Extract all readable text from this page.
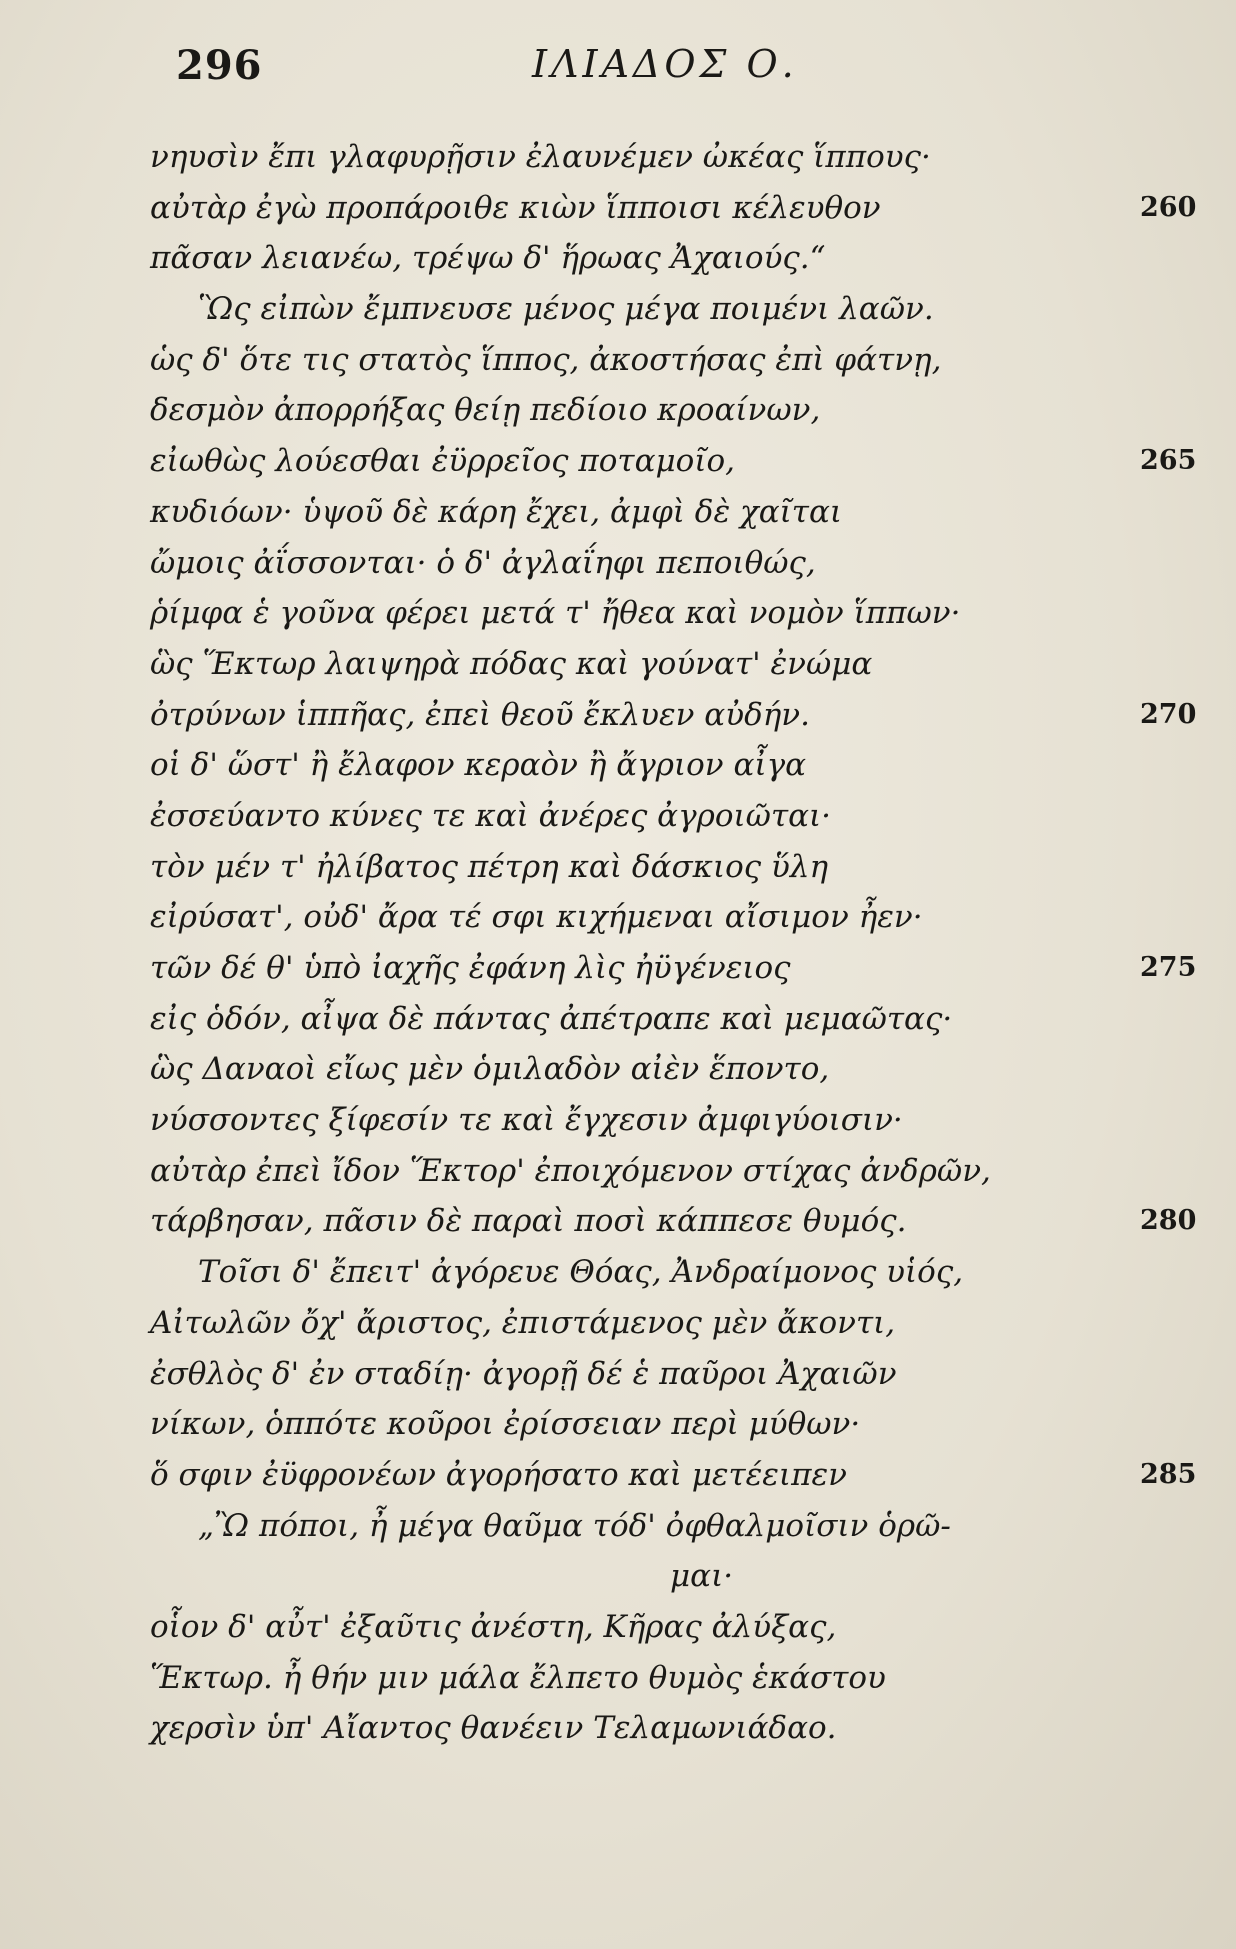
296	ΙΛΙΑΔΟΣ Ο.
νηυσὶν ἔπι γλαφυρῇσιν ἐλαυνέμεν ὠκέας ἵππους·
αὐτὰρ ἐγὼ προπάροιθε κιὼν ἵπποισι κέλευθον	260
πᾶσαν λειανέω, τρέψω δ' ἥρωας Ἀχαιούς.“
Ὣς εἰπὼν ἔμπνευσε μένος μέγα ποιμένι λαῶν.
ὡς δ' ὅτε τις στατὸς ἵππος, ἀκοστήσας ἐπὶ φάτνῃ,
δεσμὸν ἀπορρήξας θείῃ πεδίοιο κροαίνων,
εἰωθὼς λούεσθαι ἐϋρρεῖος ποταμοῖο,	265
κυδιόων· ὑψοῦ δὲ κάρη ἔχει, ἀμφὶ δὲ χαῖται
ὤμοις ἀΐσσονται· ὁ δ' ἀγλαΐηφι πεποιθώς,
ῥίμφα ἑ γοῦνα φέρει μετά τ' ἤθεα καὶ νομὸν ἵππων·
ὣς Ἕκτωρ λαιψηρὰ πόδας καὶ γούνατ' ἐνώμα
ὀτρύνων ἱππῆας, ἐπεὶ θεοῦ ἔκλυεν αὐδήν.	270
οἱ δ' ὥστ' ἢ ἔλαφον κεραὸν ἢ ἄγριον αἶγα
ἐσσεύαντο κύνες τε καὶ ἀνέρες ἀγροιῶται·
τὸν μέν τ' ἠλίβατος πέτρη καὶ δάσκιος ὕλη
εἰρύσατ', οὐδ' ἄρα τέ σφι κιχήμεναι αἴσιμον ἦεν·
τῶν δέ θ' ὑπὸ ἰαχῆς ἐφάνη λὶς ἠϋγένειος	275
εἰς ὁδόν, αἶψα δὲ πάντας ἀπέτραπε καὶ μεμαῶτας·
ὣς Δαναοὶ εἴως μὲν ὁμιλαδὸν αἰὲν ἕποντο,
νύσσοντες ξίφεσίν τε καὶ ἔγχεσιν ἀμφιγύοισιν·
αὐτὰρ ἐπεὶ ἴδον Ἕκτορ' ἐποιχόμενον στίχας ἀνδρῶν,
τάρβησαν, πᾶσιν δὲ παραὶ ποσὶ κάππεσε θυμός.	280
Τοῖσι δ' ἔπειτ' ἀγόρευε Θόας, Ἀνδραίμονος υἱός,
Αἰτωλῶν ὄχ' ἄριστος, ἐπιστάμενος μὲν ἄκοντι,
ἐσθλὸς δ' ἐν σταδίῃ· ἀγορῇ δέ ἑ παῦροι Ἀχαιῶν
νίκων, ὁππότε κοῦροι ἐρίσσειαν περὶ μύθων·
ὅ σφιν ἐϋφρονέων ἀγορήσατο καὶ μετέειπεν	285
„Ὢ πόποι, ἦ μέγα θαῦμα τόδ' ὀφθαλμοῖσιν ὁρῶ-
μαι·
οἷον δ' αὖτ' ἐξαῦτις ἀνέστη, Κῆρας ἀλύξας,
Ἕκτωρ. ἦ θήν μιν μάλα ἔλπετο θυμὸς ἑκάστου
χερσὶν ὑπ' Αἴαντος θανέειν Τελαμωνιάδαο.
